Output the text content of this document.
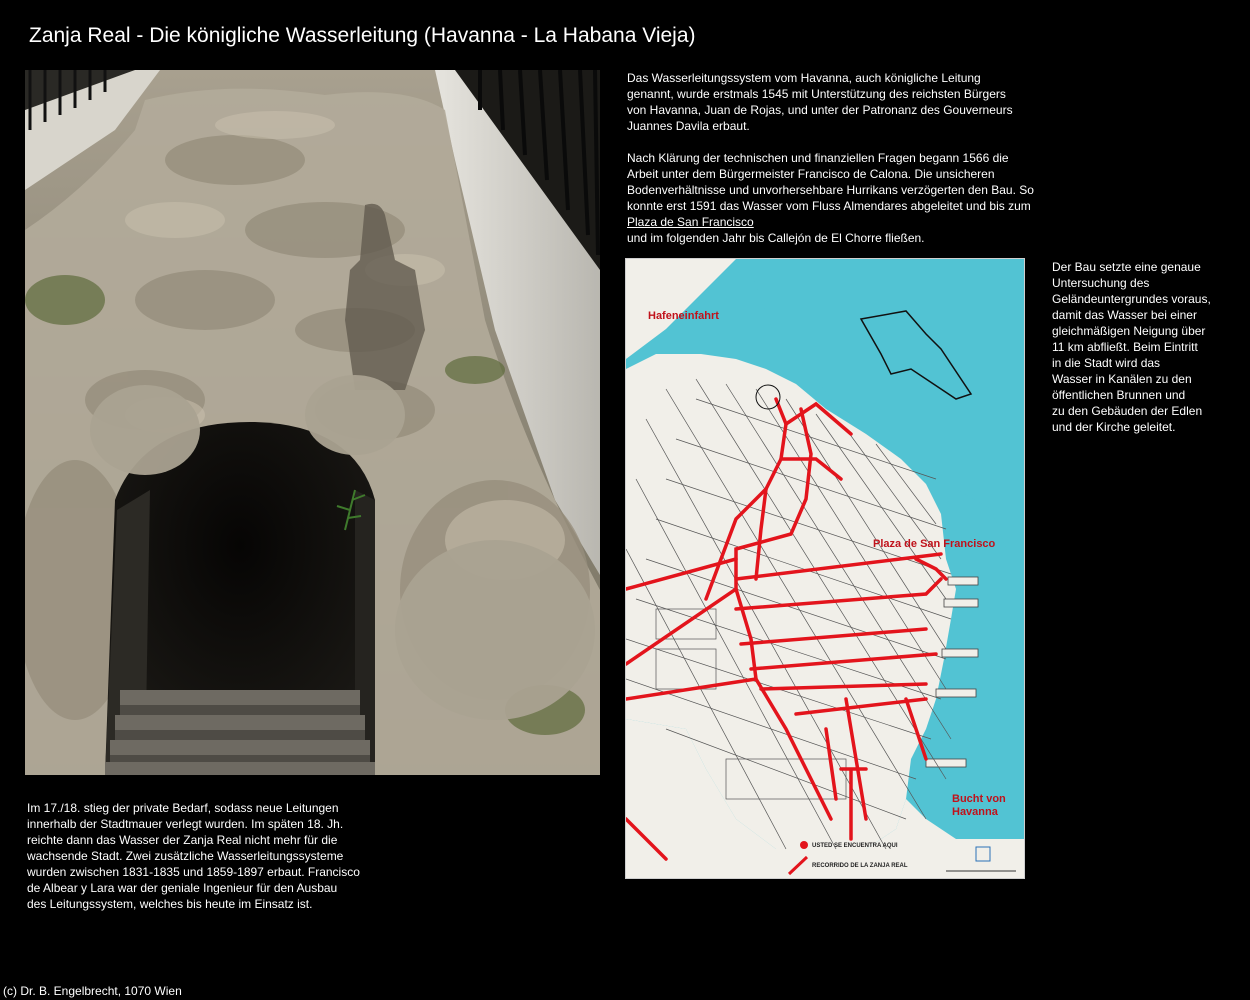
Zanja Real - Die königliche Wasserleitung (Havanna - La Habana Vieja)

Das Wasserleitungssystem vom Havanna, auch königliche Leitung
genannt, wurde erstmals 1545 mit Unterstützung des reichsten Bürgers
von Havanna, Juan de Rojas, und unter der Patronanz des Gouverneurs
Juannes Davila erbaut.

Nach Klärung der technischen und finanziellen Fragen begann 1566 die
Arbeit unter dem Bürgermeister Francisco de Calona. Die unsicheren
Bodenverhältnisse und unvorhersehbare Hurrikans verzögerten den Bau. So
konnte erst 1591 das Wasser vom Fluss Almendares abgeleitet und bis zum

Plaza de San Francisco

und im folgenden Jahr bis Callejón de El Chorre fließen.

Hafeneinfahrt
Plaza de San Francisco
Bucht von
Havanna
USTED SE ENCUENTRA AQUI
RECORRIDO DE LA ZANJA REAL

Der Bau setzte eine genaue
Untersuchung des
Geländeuntergrundes voraus,
damit das Wasser bei einer
gleichmäßigen Neigung über
11 km abfließt. Beim Eintritt
in die Stadt wird das
Wasser in Kanälen zu den
öffentlichen Brunnen und
zu den Gebäuden der Edlen
und der Kirche geleitet.

Im 17./18. stieg der private Bedarf, sodass neue Leitungen
innerhalb der Stadtmauer verlegt wurden. Im späten 18. Jh.
reichte dann das Wasser der Zanja Real nicht mehr für die
wachsende Stadt. Zwei zusätzliche Wasserleitungssysteme
wurden zwischen 1831-1835 und 1859-1897 erbaut. Francisco
de Albear y Lara war der geniale Ingenieur für den Ausbau
des Leitungssystem, welches bis heute im Einsatz ist.

(c) Dr. B. Engelbrecht, 1070 Wien
